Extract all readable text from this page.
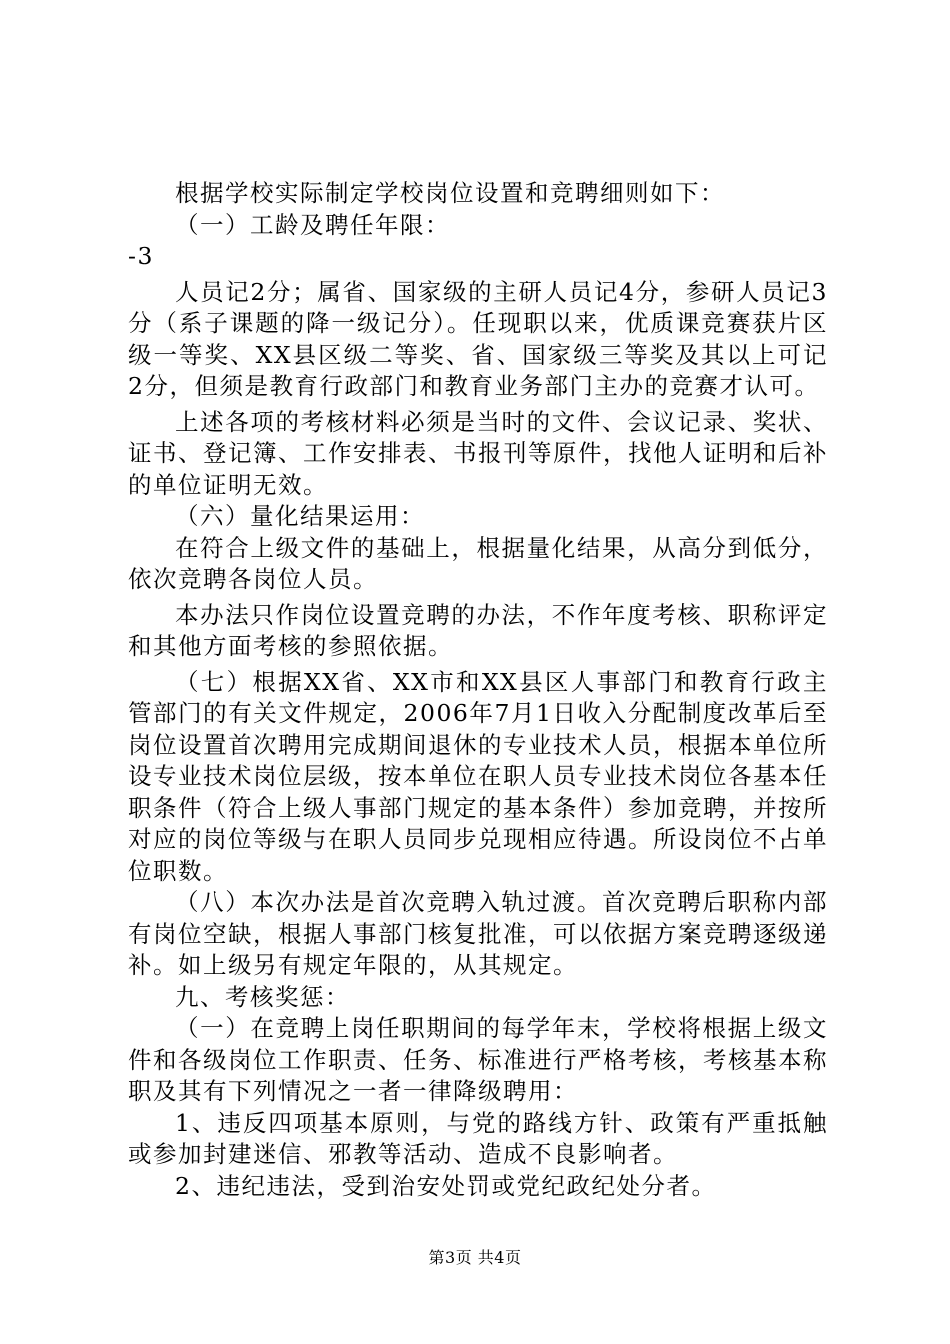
根据学校实际制定学校岗位设置和竞聘细则如下：

（一）工龄及聘任年限：

-3

人员记2分；属省、国家级的主研人员记4分，参研人员记3分（系子课题的降一级记分）。任现职以来，优质课竞赛获片区级一等奖、XX县区级二等奖、省、国家级三等奖及其以上可记2分，但须是教育行政部门和教育业务部门主办的竞赛才认可。

上述各项的考核材料必须是当时的文件、会议记录、奖状、证书、登记簿、工作安排表、书报刊等原件，找他人证明和后补的单位证明无效。

（六）量化结果运用：

在符合上级文件的基础上，根据量化结果，从高分到低分，依次竞聘各岗位人员。

本办法只作岗位设置竞聘的办法，不作年度考核、职称评定和其他方面考核的参照依据。

（七）根据XX省、XX市和XX县区人事部门和教育行政主管部门的有关文件规定，2006年7月1日收入分配制度改革后至岗位设置首次聘用完成期间退休的专业技术人员，根据本单位所设专业技术岗位层级，按本单位在职人员专业技术岗位各基本任职条件（符合上级人事部门规定的基本条件）参加竞聘，并按所对应的岗位等级与在职人员同步兑现相应待遇。所设岗位不占单位职数。

（八）本次办法是首次竞聘入轨过渡。首次竞聘后职称内部有岗位空缺，根据人事部门核复批准，可以依据方案竞聘逐级递补。如上级另有规定年限的，从其规定。

九、考核奖惩：

（一）在竞聘上岗任职期间的每学年末，学校将根据上级文件和各级岗位工作职责、任务、标准进行严格考核，考核基本称职及其有下列情况之一者一律降级聘用：

1、违反四项基本原则，与党的路线方针、政策有严重抵触或参加封建迷信、邪教等活动、造成不良影响者。

2、违纪违法，受到治安处罚或党纪政纪处分者。

第3页 共4页
